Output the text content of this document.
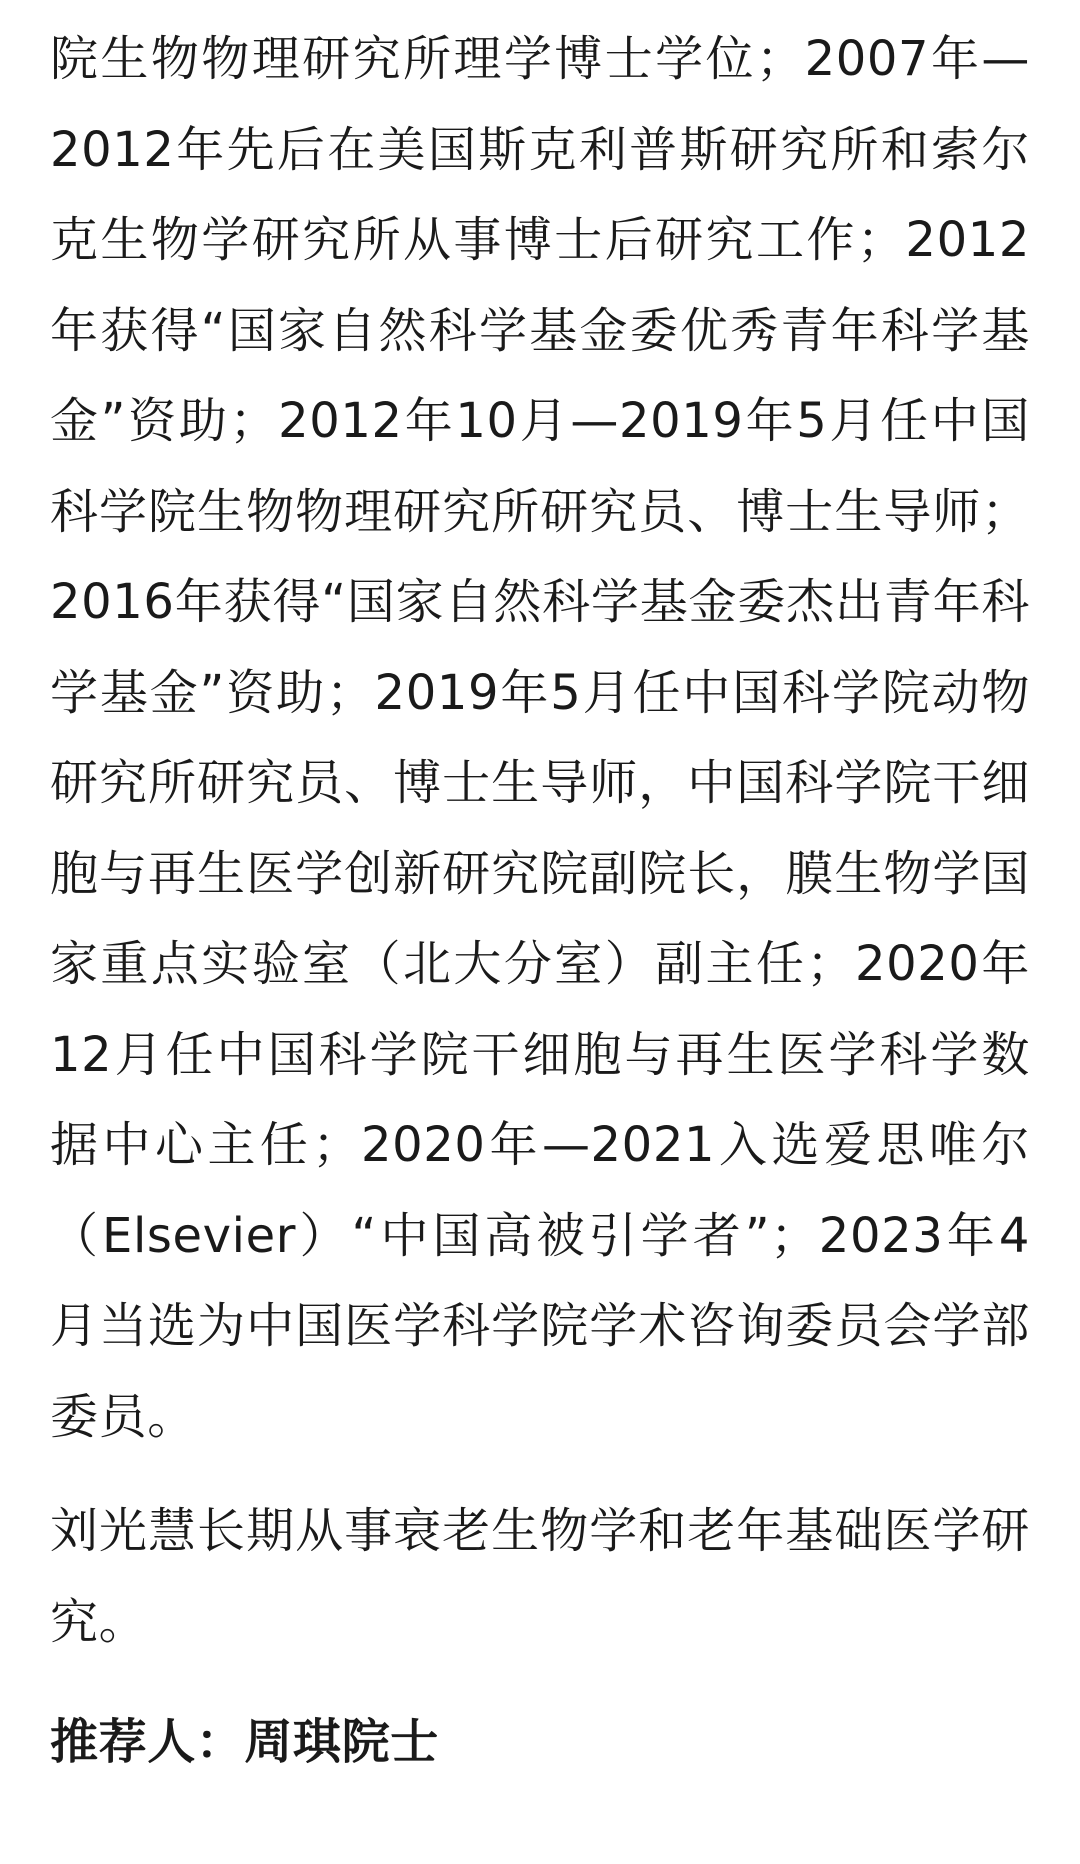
院生物物理研究所理学博士学位；2007年—2012年先后在美国斯克利普斯研究所和索尔克生物学研究所从事博士后研究工作；2012年获得“国家自然科学基金委优秀青年科学基金”资助；2012年10月—2019年5月任中国科学院生物物理研究所研究员、博士生导师；2016年获得“国家自然科学基金委杰出青年科学基金”资助；2019年5月任中国科学院动物研究所研究员、博士生导师，中国科学院干细胞与再生医学创新研究院副院长，膜生物学国家重点实验室（北大分室）副主任；2020年12月任中国科学院干细胞与再生医学科学数据中心主任；2020年—2021入选爱思唯尔（Elsevier）“中国高被引学者”；2023年4月当选为中国医学科学院学术咨询委员会学部委员。

刘光慧长期从事衰老生物学和老年基础医学研究。

推荐人：周琪院士
